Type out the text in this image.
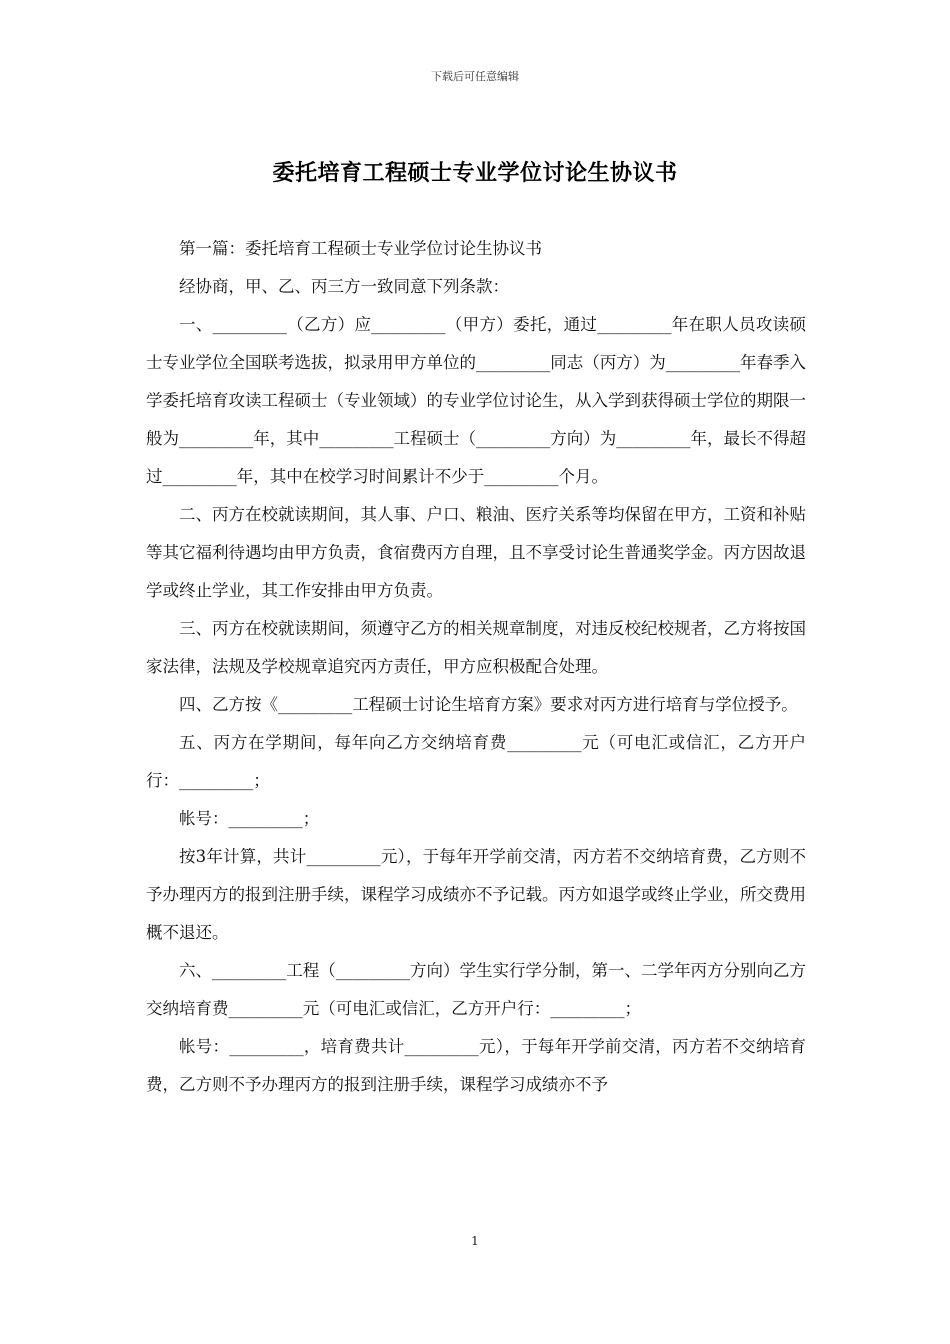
下载后可任意编辑
委托培育工程硕士专业学位讨论生协议书

第一篇：委托培育工程硕士专业学位讨论生协议书

经协商，甲、乙、丙三方一致同意下列条款：

一、_________（乙方）应_________（甲方）委托，通过_________年在职人员攻读硕士专业学位全国联考选拔，拟录用甲方单位的_________同志（丙方）为_________年春季入学委托培育攻读工程硕士（专业领域）的专业学位讨论生，从入学到获得硕士学位的期限一般为_________年，其中_________工程硕士（_________方向）为_________年，最长不得超过_________年，其中在校学习时间累计不少于_________个月。

二、丙方在校就读期间，其人事、户口、粮油、医疗关系等均保留在甲方，工资和补贴等其它福利待遇均由甲方负责，食宿费丙方自理，且不享受讨论生普通奖学金。丙方因故退学或终止学业，其工作安排由甲方负责。

三、丙方在校就读期间，须遵守乙方的相关规章制度，对违反校纪校规者，乙方将按国家法律，法规及学校规章追究丙方责任，甲方应积极配合处理。

四、乙方按《_________工程硕士讨论生培育方案》要求对丙方进行培育与学位授予。

五、丙方在学期间，每年向乙方交纳培育费_________元（可电汇或信汇，乙方开户行：_________；

帐号：_________；

按3年计算，共计_________元），于每年开学前交清，丙方若不交纳培育费，乙方则不予办理丙方的报到注册手续，课程学习成绩亦不予记载。丙方如退学或终止学业，所交费用概不退还。

六、_________工程（_________方向）学生实行学分制，第一、二学年丙方分别向乙方交纳培育费_________元（可电汇或信汇，乙方开户行：_________；

帐号：_________，培育费共计_________元），于每年开学前交清，丙方若不交纳培育费，乙方则不予办理丙方的报到注册手续，课程学习成绩亦不予

1
